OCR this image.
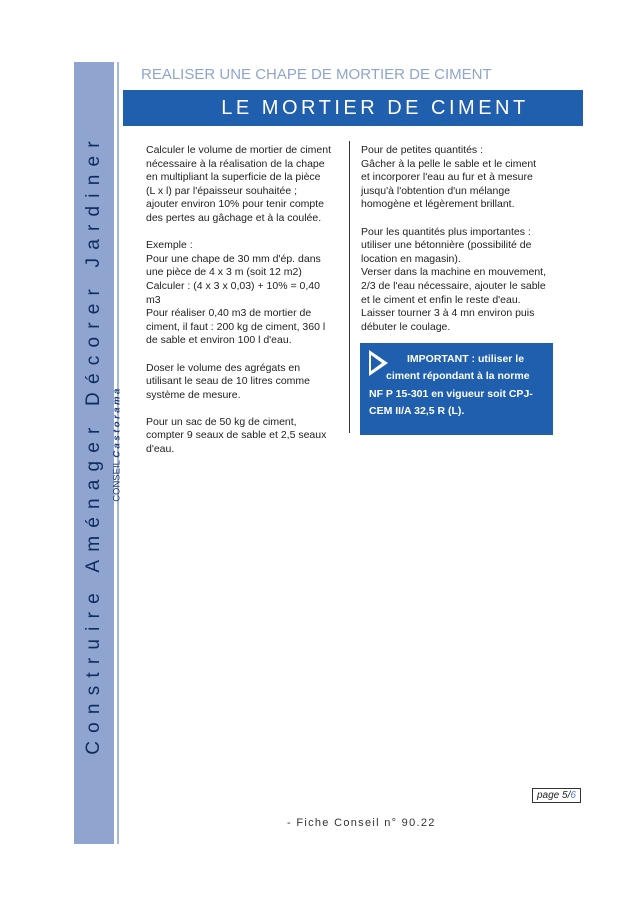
Construire Aménager Décorer Jardiner CONSEIL Castorama
REALISER UNE CHAPE DE MORTIER DE CIMENT
LE MORTIER DE CIMENT

Calculer le volume de mortier de ciment
nécessaire à la réalisation de la chape
en multipliant la superficie de la pièce
(L x l) par l'épaisseur souhaitée ;
ajouter environ 10% pour tenir compte
des pertes au gâchage et à la coulée.

Exemple :
Pour une chape de 30 mm d'ép. dans
une pièce de 4 x 3 m (soit 12 m2)
Calculer : (4 x 3 x 0,03) + 10% = 0,40
m3
Pour réaliser 0,40 m3 de mortier de
ciment, il faut : 200 kg de ciment, 360 l
de sable et environ 100 l d'eau.

Doser le volume des agrégats en
utilisant le seau de 10 litres comme
système de mesure.

Pour un sac de 50 kg de ciment,
compter 9 seaux de sable et 2,5 seaux
d'eau.

Pour de petites quantités :
Gâcher à la pelle le sable et le ciment
et incorporer l'eau au fur et à mesure
jusqu'à l'obtention d'un mélange
homogène et légèrement brillant.

Pour les quantités plus importantes :
utiliser une bétonnière (possibilité de
location en magasin).
Verser dans la machine en mouvement,
2/3 de l'eau nécessaire, ajouter le sable
et le ciment et enfin le reste d'eau.
Laisser tourner 3 à 4 mn environ puis
débuter le coulage.

IMPORTANT : utiliser le
ciment répondant à la norme
NF P 15-301 en vigueur soit CPJ-
CEM II/A 32,5 R (L).
page 5/6
- Fiche Conseil n° 90.22
